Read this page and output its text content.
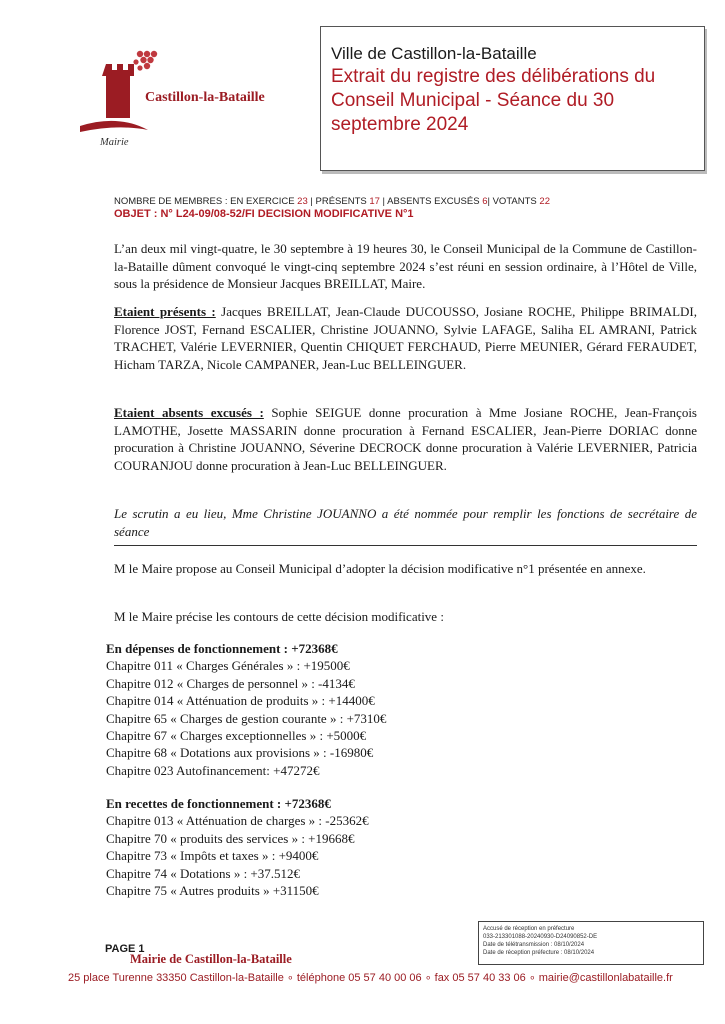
Castillon-la-Bataille
Mairie
Ville de Castillon-la-Bataille
Extrait du registre des délibérations du
Conseil Municipal - Séance du 30
septembre 2024
NOMBRE DE MEMBRES : EN EXERCICE 23 | PRÉSENTS 17 | ABSENTS EXCUSÉS 6| VOTANTS 22
OBJET : N° L24-09/08-52/FI DECISION MODIFICATIVE N°1
L’an deux mil vingt-quatre, le 30 septembre à 19 heures 30, le Conseil Municipal de la Commune de Castillon-la-Bataille dûment convoqué le vingt-cinq septembre 2024 s’est réuni en session ordinaire, à l’Hôtel de Ville, sous la présidence de Monsieur Jacques BREILLAT, Maire.
Etaient présents : Jacques BREILLAT, Jean-Claude DUCOUSSO, Josiane ROCHE, Philippe BRIMALDI, Florence JOST, Fernand ESCALIER, Christine JOUANNO, Sylvie LAFAGE, Saliha EL AMRANI, Patrick TRACHET, Valérie LEVERNIER, Quentin CHIQUET FERCHAUD, Pierre MEUNIER, Gérard FERAUDET, Hicham TARZA, Nicole CAMPANER, Jean-Luc BELLEINGUER.
Etaient absents excusés : Sophie SEIGUE donne procuration à Mme Josiane ROCHE, Jean-François LAMOTHE, Josette MASSARIN donne procuration à Fernand ESCALIER, Jean-Pierre DORIAC donne procuration à Christine JOUANNO, Séverine DECROCK donne procuration à Valérie LEVERNIER, Patricia COURANJOU donne procuration à Jean-Luc BELLEINGUER.
Le scrutin a eu lieu, Mme Christine JOUANNO a été nommée pour remplir les fonctions de secrétaire de séance
M le Maire propose au Conseil Municipal d’adopter la décision modificative n°1 présentée en annexe.
M le Maire précise les contours de cette décision modificative :
En dépenses de fonctionnement : +72368€
Chapitre 011 « Charges Générales » : +19500€
Chapitre 012 « Charges de personnel » : -4134€
Chapitre 014 « Atténuation de produits » : +14400€
Chapitre 65 « Charges de gestion courante » : +7310€
Chapitre 67 « Charges exceptionnelles » : +5000€
Chapitre 68 « Dotations aux provisions » : -16980€
Chapitre 023 Autofinancement: +47272€
En recettes de fonctionnement : +72368€
Chapitre 013 « Atténuation de charges » : -25362€
Chapitre 70 « produits des services » : +19668€
Chapitre 73 « Impôts et taxes » : +9400€
Chapitre 74 « Dotations » : +37.512€
Chapitre 75 « Autres produits » +31150€
Accusé de réception en préfecture
033-213301088-20240930-D24090852-DE
Date de télétransmission : 08/10/2024
Date de réception préfecture : 08/10/2024
PAGE 1
Mairie de Castillon-la-Bataille
25 place Turenne 33350 Castillon-la-Bataille ∘ téléphone 05 57 40 00 06 ∘ fax 05 57 40 33 06 ∘ mairie@castillonlabataille.fr
